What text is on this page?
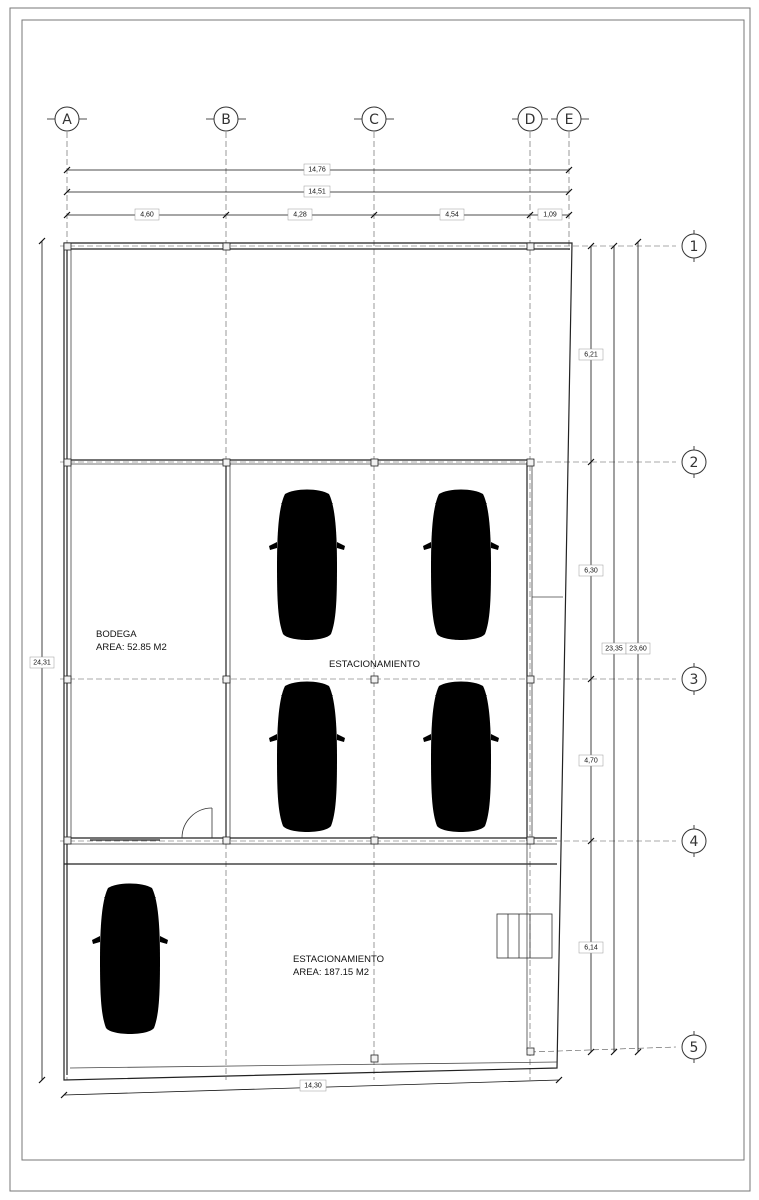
A	B	C	D E
1
2
3
4
5
14,76
14,51
4,60	4,28	4,54	1,09
6,21
6,30
4,70
6,14
23,35 23,60
24,31
14,30
BODEGA
AREA: 52.85 M2
ESTACIONAMIENTO
ESTACIONAMIENTO
AREA: 187.15 M2
